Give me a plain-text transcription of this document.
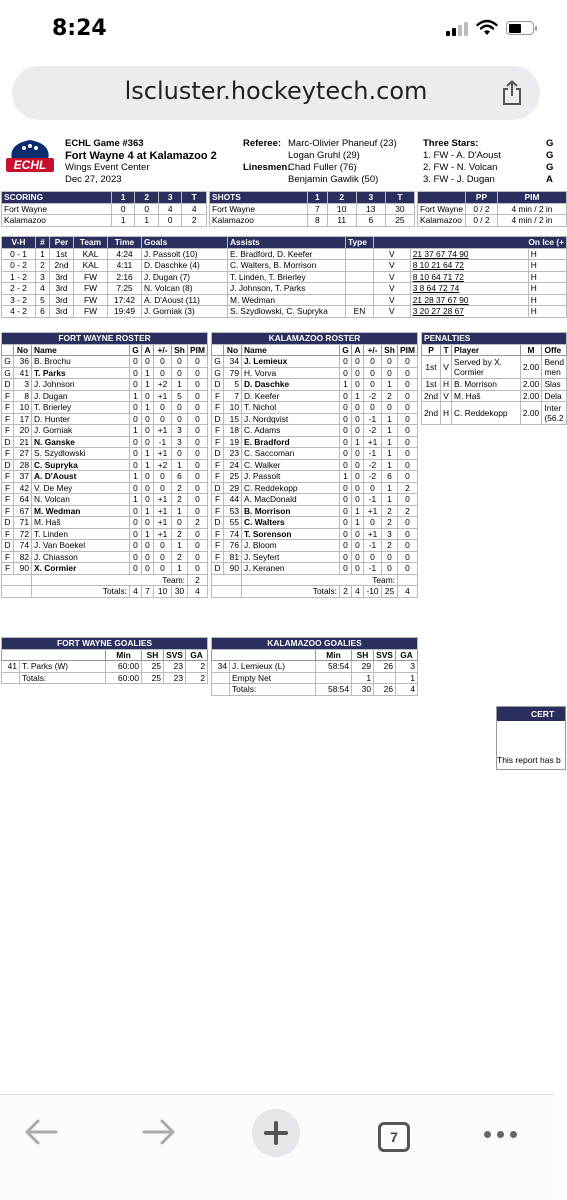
8:24
lscluster.hockeytech.com
ECHL
ECHL Game #363
Fort Wayne 4 at Kalamazoo 2
Wings Event Center
Dec 27, 2023
Referee: Marc-Olivier Phaneuf (23)
Logan Gruhl (29)
Linesmen:Chad Fuller (76)
Benjamin Gawlik (50)
Three Stars:
1. FW - A. D'Aoust
2. FW - N. Volcan
3. FW - J. Dugan
G
G
G
A
SCORING	1	2	3	T
Fort Wayne	0	0	4	4
Kalamazoo	1	1	0	2
SHOTS	1	2	3	T
Fort Wayne	7	10	13	30
Kalamazoo	8	11	6	25
	PP	PIM
Fort Wayne	0 / 2	4 min / 2 in
Kalamazoo	0 / 2	4 min / 2 in
V-H	#	Per	Team	Time	Goals	Assists	Type	On Ice (+		
0 - 1	1	1st	KAL	4:24	J. Passolt (10)	E. Bradford, D. Keefer		V	21 37 67 74 90	H
0 - 2	2	2nd	KAL	4:11	D. Daschke (4)	C. Walters, B. Morrison		V	8 10 21 64 72	H
1 - 2	3	3rd	FW	2:16	J. Dugan (7)	T. Linden, T. Brierley		V	8 10 64 71 72	H
2 - 2	4	3rd	FW	7:25	N. Volcan (8)	J. Johnson, T. Parks		V	3 8 64 72 74	H
3 - 2	5	3rd	FW	17:42	A. D'Aoust (11)	M. Wedman		V	21 28 37 67 90	H
4 - 2	6	3rd	FW	19:49	J. Gorniak (3)	S. Szydlowski, C. Supryka	EN	V	3 20 27 28 67	H
FORT WAYNE ROSTER							
	No	Name	G	A	+/-	Sh	PIM
G	36	B. Brochu	0	0	0	0	0
G	41	T. Parks	0	1	0	0	0
D	3	J. Johnson	0	1	+2	1	0
F	8	J. Dugan	1	0	+1	5	0
F	10	T. Brierley	0	1	0	0	0
F	17	D. Hunter	0	0	0	0	0
F	20	J. Gorniak	1	0	+1	3	0
D	21	N. Ganske	0	0	-1	3	0
F	27	S. Szydlowski	0	1	+1	0	0
D	28	C. Supryka	0	1	+2	1	0
F	37	A. D'Aoust	1	0	0	6	0
F	42	V. De Mey	0	0	0	2	0
F	64	N. Volcan	1	0	+1	2	0
F	67	M. Wedman	0	1	+1	1	0
D	71	M. Haš	0	0	+1	0	2
F	72	T. Linden	0	1	+1	2	0
D	74	J. Van Boekel	0	0	0	1	0
F	82	J. Chiasson	0	0	0	2	0
F	90	X. Cormier	0	0	0	1	0
		Team:					2
		Totals:	4	7	10	30	4
KALAMAZOO ROSTER							
	No	Name	G	A	+/-	Sh	PIM
G	34	J. Lemieux	0	0	0	0	0
G	79	H. Vorva	0	0	0	0	0
D	5	D. Daschke	1	0	0	1	0
F	7	D. Keefer	0	1	-2	2	0
F	10	T. Nichol	0	0	0	0	0
D	15	J. Nordqvist	0	0	-1	1	0
F	18	C. Adams	0	0	-2	1	0
F	19	E. Bradford	0	1	+1	1	0
D	23	C. Saccoman	0	0	-1	1	0
F	24	C. Walker	0	0	-2	1	0
F	25	J. Passolt	1	0	-2	6	0
D	29	C. Reddekopp	0	0	0	1	2
F	44	A. MacDonald	0	0	-1	1	0
F	53	B. Morrison	0	1	+1	2	2
D	55	C. Walters	0	1	0	2	0
F	74	T. Sorenson	0	0	+1	3	0
F	76	J. Bloom	0	0	-1	2	0
F	81	J. Seyfert	0	0	0	0	0
D	90	J. Keranen	0	0	-1	0	0
		Team:					
		Totals:	2	4	-10	25	4
PENALTIES				
P	T	Player	M	Offe
1st	V	Served by X. Cormier	2.00	Bend men
1st	H	B. Morrison	2.00	Slas
2nd	V	M. Haš	2.00	Dela
2nd	H	C. Reddekopp	2.00	Inter (56.2
FORT WAYNE GOALIES					
		Min	SH	SVS	GA
41	T. Parks (W)	60:00	25	23	2
	Totals:	60:00	25	23	2
KALAMAZOO GOALIES					
		Min	SH	SVS	GA
34	J. Lemieux (L)	58:54	29	26	3
	Empty Net		1		1
	Totals:	58:54	30	26	4
CERT
This report has b
7
